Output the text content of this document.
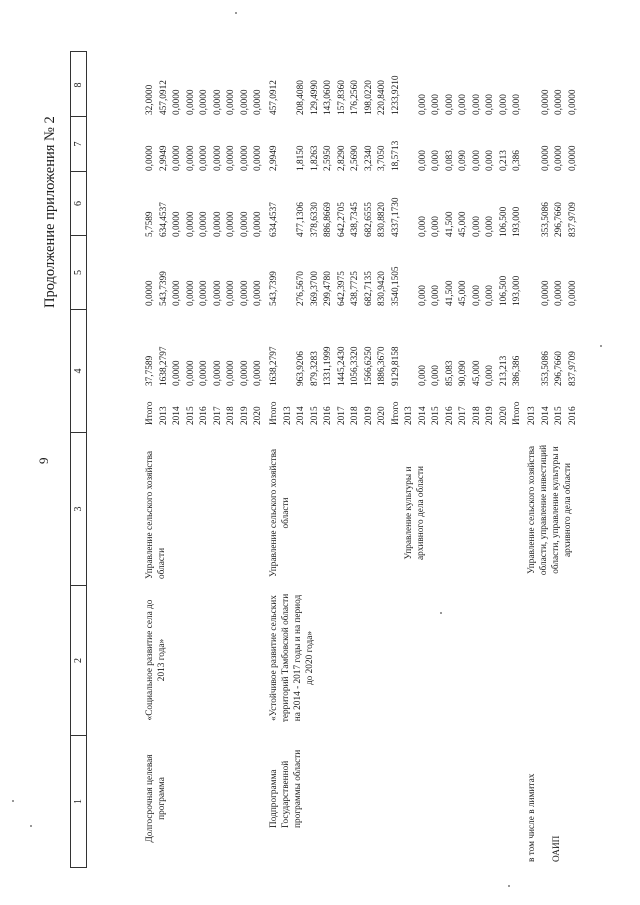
9
Продолжение приложения № 2
1
2
3
4
5
6
7
8
Долгосрочная целевая программа
«Социальное развитие села до 2013 года»
Управление сельского хозяйства области
Итого 2013 2014 2015 2016 2017 2018 2019 2020
37,7589 1638,2797 0,0000 0,0000 0,0000 0,0000 0,0000 0,0000 0,0000
0,0000 543,7399 0,0000 0,0000 0,0000 0,0000 0,0000 0,0000 0,0000
5,7589 634,4537 0,0000 0,0000 0,0000 0,0000 0,0000 0,0000 0,0000
0,0000 2,9949 0,0000 0,0000 0,0000 0,0000 0,0000 0,0000 0,0000
32,0000 457,0912 0,0000 0,0000 0,0000 0,0000 0,0000 0,0000 0,0000
Подпрограмма Государственной программы области
«Устойчивое развитие сельских территорий Тамбовской области на 2014 - 2017 годы и на период до 2020 года»
Управление сельского хозяйства области
Итого 2013 2014 2015 2016 2017 2018 2019 2020 Итого
1638,2797 963,9206 879,3283 1331,1999 1445,2430 1056,3320 1566,6250 1886,3670 9129,8158
543,7399 276,5670 369,3700 299,4780 642,3975 438,7725 682,7135 830,9420 3540,1505
634,4537 477,1306 378,6330 886,8669 642,2705 438,7345 682,6555 830,8820 4337,1730
2,9949 1,8150 1,8263 2,5950 2,8290 2,5690 3,2340 3,7050 18,5713
457,0912 208,4080 129,4990 143,0600 157,8360 176,2560 198,0220 220,8400 1233,9210
Управление культуры и архивного дела области
2013 2014 2015 2016 2017 2018 2019 2020 Итого
0,000 0,000 85,083 90,090 45,000 0,000 213,213 386,386
0,000 0,000 41,500 45,000 0,000 0,000 106,500 193,000
0,000 0,000 41,500 45,000 0,000 0,000 106,500 193,000
0,000 0,000 0,083 0,090 0,000 0,000 0,213 0,386
0,000 0,000 0,000 0,000 0,000 0,000 0,000 0,000
в том числе в лимитах ОАИП
Управление сельского хозяйства области, управление инвестиций области, управление культуры и архивного дела области
2013 2014 2015 2016
353,5086 296,7660 837,9709
0,0000 0,0000 0,0000
353,5086 296,7660 837,9709
0,0000 0,0000 0,0000
0,0000 0,0000 0,0000
